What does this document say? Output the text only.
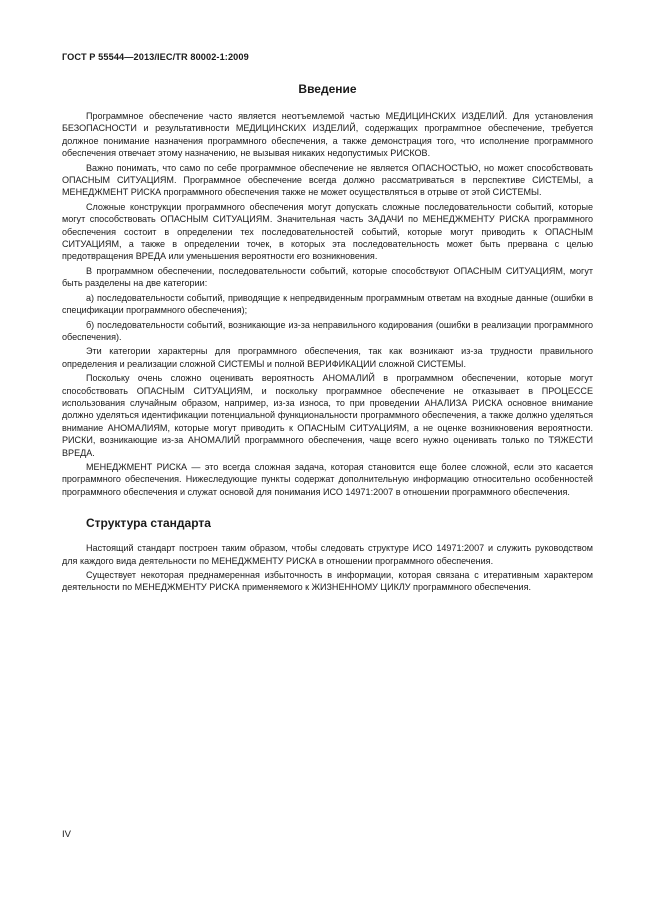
ГОСТ Р 55544—2013/IEC/TR 80002-1:2009
Введение

Программное обеспечение часто является неотъемлемой частью МЕДИЦИНСКИХ ИЗДЕЛИЙ. Для установления БЕЗОПАСНОСТИ и результативности МЕДИЦИНСКИХ ИЗДЕЛИЙ, содержащих програмmное обеспечение, требуется должное понимание назначения программного обеспечения, а также демонстрация того, что исполнение программного обеспечения отвечает этому назначению, не вызывая никаких недопустимых РИСКОВ.

Важно понимать, что само по себе программное обеспечение не является ОПАСНОСТЬЮ, но может способствовать ОПАСНЫМ СИТУАЦИЯМ. Программное обеспечение всегда должно рассматриваться в перспективе СИСТЕМЫ, а МЕНЕДЖМЕНТ РИСКА программного обеспечения также не может осуществляться в отрыве от этой СИСТЕМЫ.

Сложные конструкции программного обеспечения могут допускать сложные последовательности событий, которые могут способствовать ОПАСНЫМ СИТУАЦИЯМ. Значительная часть ЗАДАЧИ по МЕНЕДЖМЕНТУ РИСКА программного обеспечения состоит в определении тех последовательностей событий, которые могут приводить к ОПАСНЫМ СИТУАЦИЯМ, а также в определении точек, в которых эта последовательность может быть прервана с целью предотвращения ВРЕДА или уменьшения вероятности его возникновения.

В программном обеспечении, последовательности событий, которые способствуют ОПАСНЫМ СИТУАЦИЯМ, могут быть разделены на две категории:

а) последовательности событий, приводящие к непредвиденным программным ответам на входные данные (ошибки в спецификации программного обеспечения);

б) последовательности событий, возникающие из-за неправильного кодирования (ошибки в реализации программного обеспечения).

Эти категории характерны для программного обеспечения, так как возникают из-за трудности правильного определения и реализации сложной СИСТЕМЫ и полной ВЕРИФИКАЦИИ сложной СИСТЕМЫ.

Поскольку очень сложно оценивать вероятность АНОМАЛИЙ в программном обеспечении, которые могут способствовать ОПАСНЫМ СИТУАЦИЯМ, и поскольку программное обеспечение не отказывает в ПРОЦЕССЕ использования случайным образом, например, из-за износа, то при проведении АНАЛИЗА РИСКА основное внимание должно уделяться идентификации потенциальной функциональности программного обеспечения, а также должно уделяться внимание АНОМАЛИЯМ, которые могут приводить к ОПАСНЫМ СИТУАЦИЯМ, а не оценке возникновения вероятности. РИСКИ, возникающие из-за АНОМАЛИЙ программного обеспечения, чаще всего нужно оценивать только по ТЯЖЕСТИ ВРЕДА.

МЕНЕДЖМЕНТ РИСКА — это всегда сложная задача, которая становится еще более сложной, если это касается программного обеспечения. Нижеследующие пункты содержат дополнительную информацию относительно особенностей программного обеспечения и служат основой для понимания ИСО 14971:2007 в отношении программного обеспечения.

Структура стандарта

Настоящий стандарт построен таким образом, чтобы следовать структуре ИСО 14971:2007 и служить руководством для каждого вида деятельности по МЕНЕДЖМЕНТУ РИСКА в отношении программного обеспечения.

Существует некоторая преднамеренная избыточность в информации, которая связана с итеративным характером деятельности по МЕНЕДЖМЕНТУ РИСКА применяемого к ЖИЗНЕННОМУ ЦИКЛУ программного обеспечения.

IV
